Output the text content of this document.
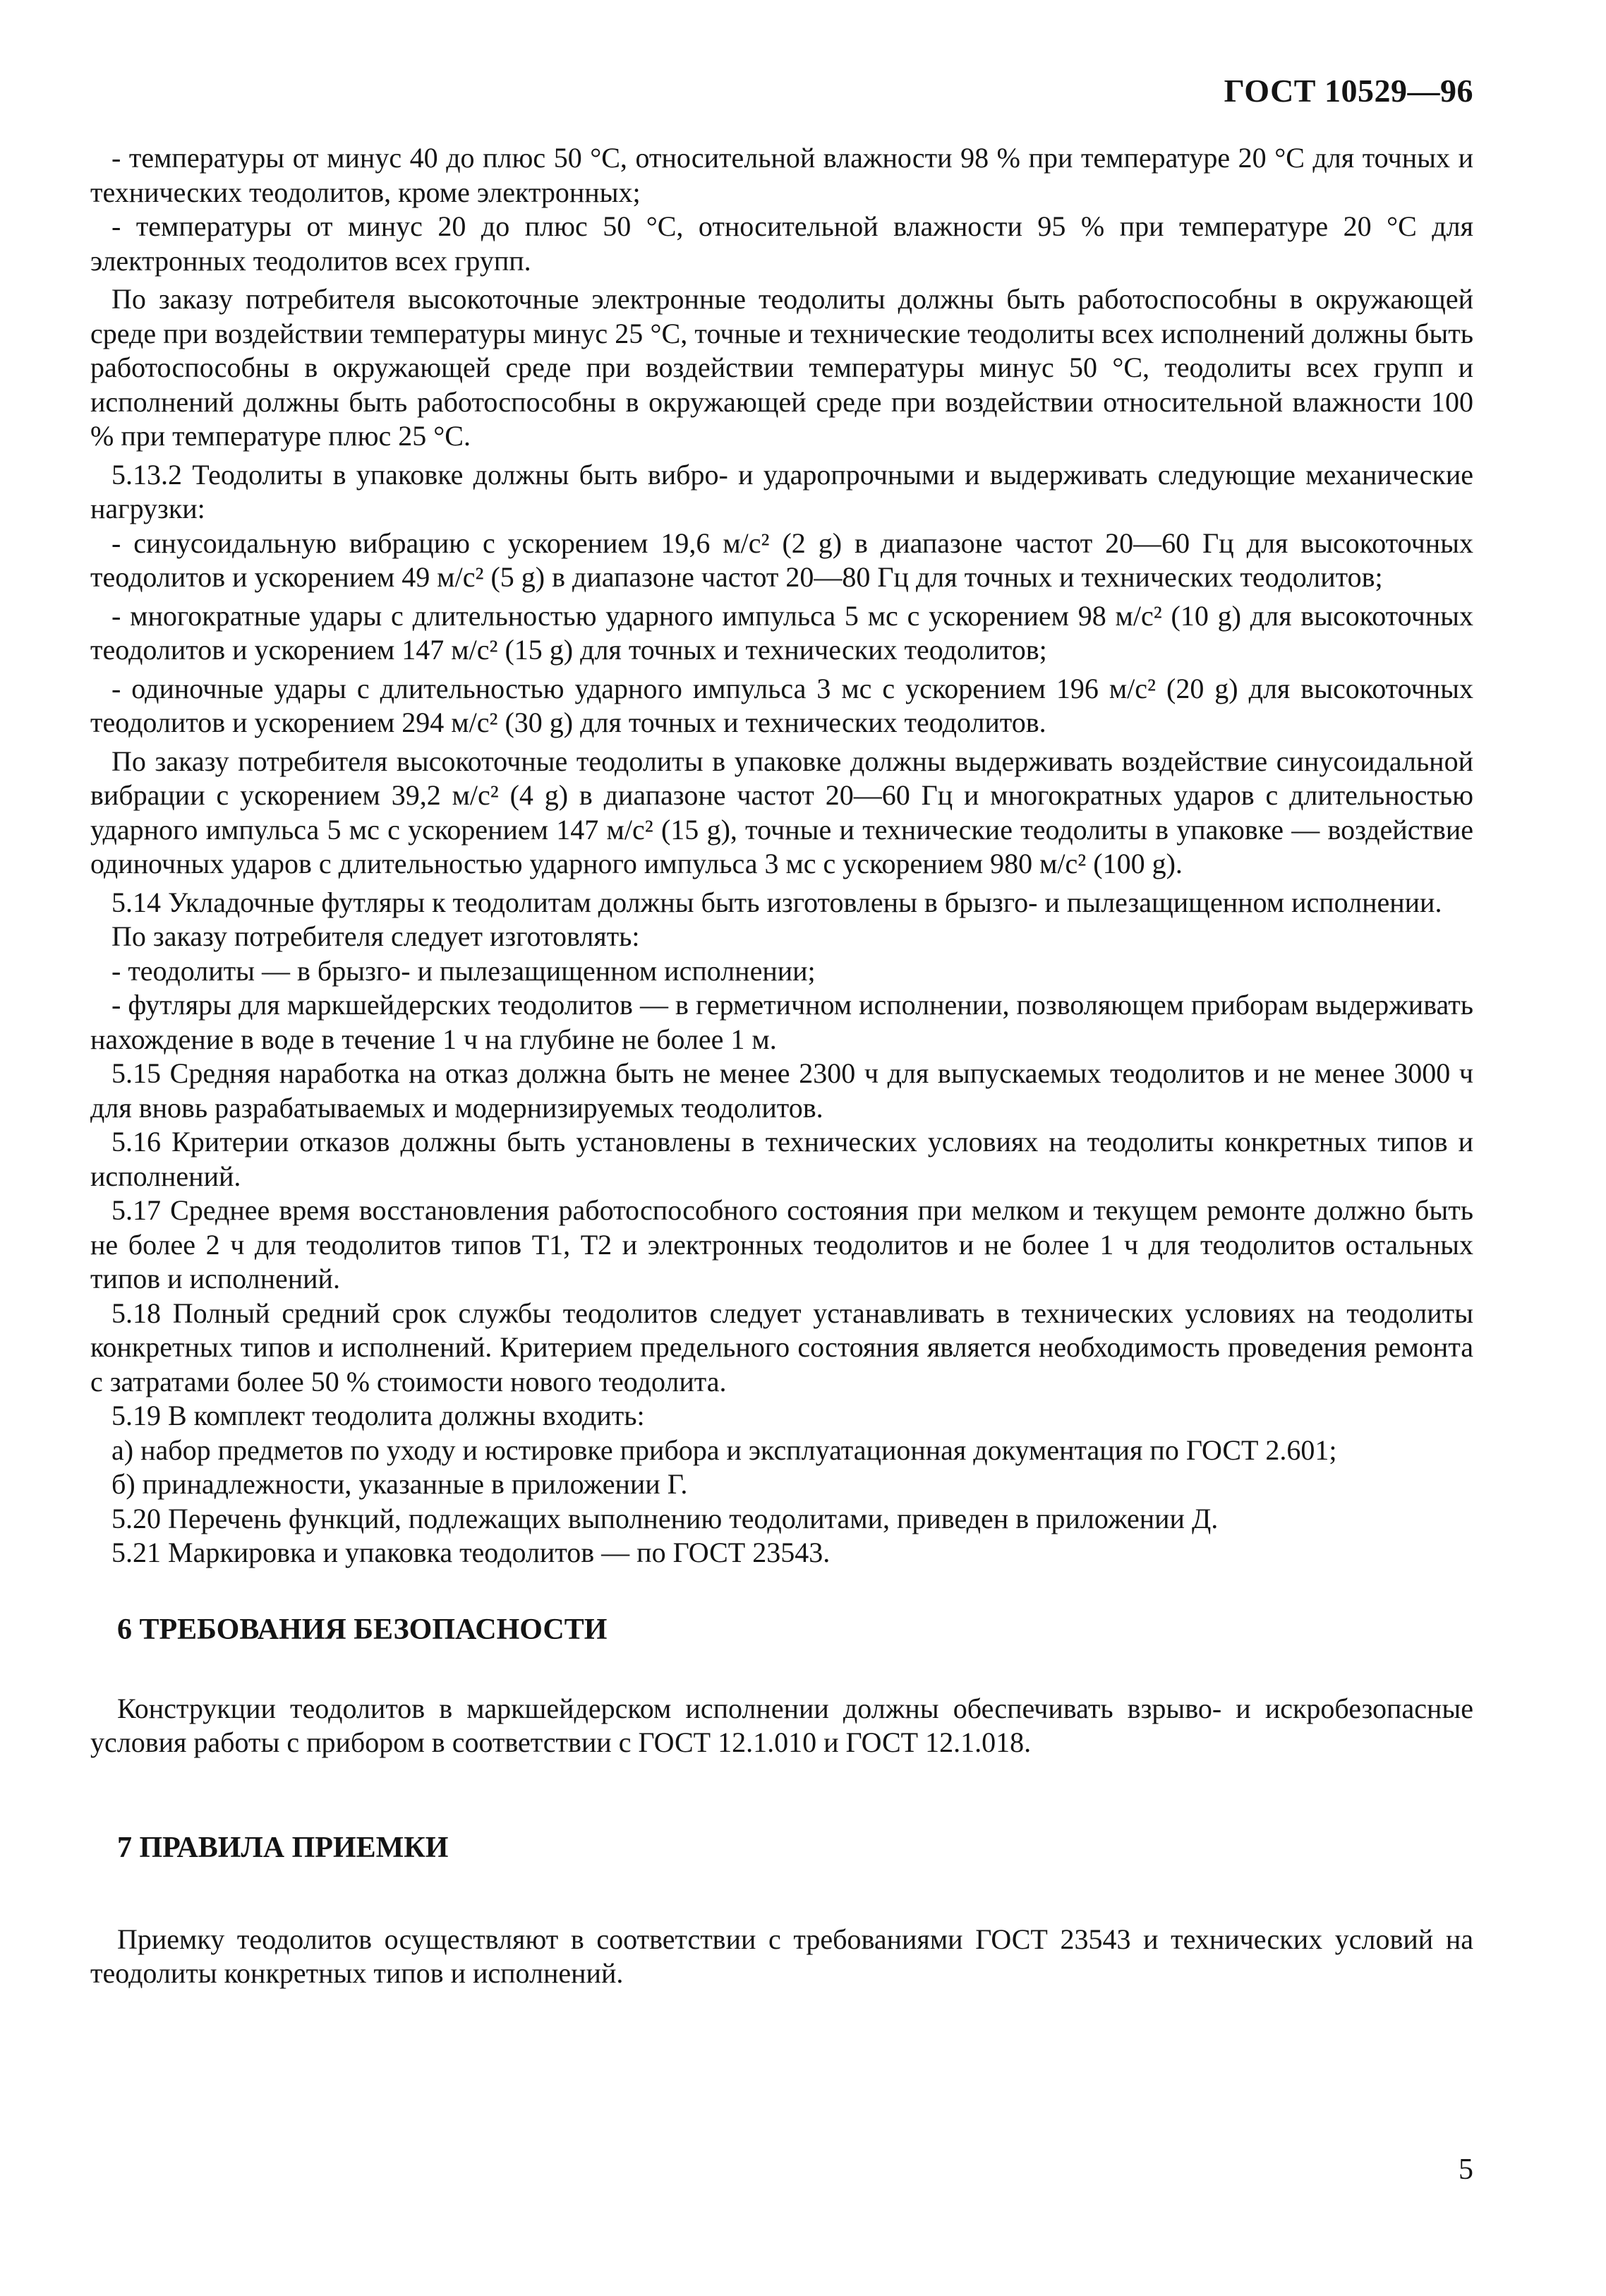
ГОСТ 10529—96

- температуры от минус 40 до плюс 50 °С, относительной влажности 98 % при температуре 20 °С для точных и технических теодолитов, кроме электронных;

- температуры от минус 20 до плюс 50 °С, относительной влажности 95 % при температуре 20 °С для электронных теодолитов всех групп.

По заказу потребителя высокоточные электронные теодолиты должны быть работоспособны в окружающей среде при воздействии температуры минус 25 °С, точные и технические теодолиты всех исполнений должны быть работоспособны в окружающей среде при воздействии температуры минус 50 °С, теодолиты всех групп и исполнений должны быть работоспособны в окружающей среде при воздействии относительной влажности 100 % при температуре плюс 25 °С.

5.13.2 Теодолиты в упаковке должны быть вибро- и ударопрочными и выдерживать следующие механические нагрузки:

- синусоидальную вибрацию с ускорением 19,6 м/с² (2 g) в диапазоне частот 20—60 Гц для высокоточных теодолитов и ускорением 49 м/с² (5 g) в диапазоне частот 20—80 Гц для точных и технических теодолитов;

- многократные удары с длительностью ударного импульса 5 мс с ускорением 98 м/с² (10 g) для высокоточных теодолитов и ускорением 147 м/с² (15 g) для точных и технических теодолитов;

- одиночные удары с длительностью ударного импульса 3 мс с ускорением 196 м/с² (20 g) для высокоточных теодолитов и ускорением 294 м/с² (30 g) для точных и технических теодолитов.

По заказу потребителя высокоточные теодолиты в упаковке должны выдерживать воздействие синусоидальной вибрации с ускорением 39,2 м/с² (4 g) в диапазоне частот 20—60 Гц и многократных ударов с длительностью ударного импульса 5 мс с ускорением 147 м/с² (15 g), точные и технические теодолиты в упаковке — воздействие одиночных ударов с длительностью ударного импульса 3 мс с ускорением 980 м/с² (100 g).

5.14 Укладочные футляры к теодолитам должны быть изготовлены в брызго- и пылезащищенном исполнении.

По заказу потребителя следует изготовлять:

- теодолиты — в брызго- и пылезащищенном исполнении;

- футляры для маркшейдерских теодолитов — в герметичном исполнении, позволяющем приборам выдерживать нахождение в воде в течение 1 ч на глубине не более 1 м.

5.15 Средняя наработка на отказ должна быть не менее 2300 ч для выпускаемых теодолитов и не менее 3000 ч для вновь разрабатываемых и модернизируемых теодолитов.

5.16 Критерии отказов должны быть установлены в технических условиях на теодолиты конкретных типов и исполнений.

5.17 Среднее время восстановления работоспособного состояния при мелком и текущем ремонте должно быть не более 2 ч для теодолитов типов Т1, Т2 и электронных теодолитов и не более 1 ч для теодолитов остальных типов и исполнений.

5.18 Полный средний срок службы теодолитов следует устанавливать в технических условиях на теодолиты конкретных типов и исполнений. Критерием предельного состояния является необходимость проведения ремонта с затратами более 50 % стоимости нового теодолита.

5.19 В комплект теодолита должны входить:

а) набор предметов по уходу и юстировке прибора и эксплуатационная документация по ГОСТ 2.601;

б) принадлежности, указанные в приложении Г.

5.20 Перечень функций, подлежащих выполнению теодолитами, приведен в приложении Д.

5.21 Маркировка и упаковка теодолитов — по ГОСТ 23543.

6 ТРЕБОВАНИЯ БЕЗОПАСНОСТИ

Конструкции теодолитов в маркшейдерском исполнении должны обеспечивать взрыво- и искробезопасные условия работы с прибором в соответствии с ГОСТ 12.1.010 и ГОСТ 12.1.018.

7 ПРАВИЛА ПРИЕМКИ

Приемку теодолитов осуществляют в соответствии с требованиями ГОСТ 23543 и технических условий на теодолиты конкретных типов и исполнений.

5
